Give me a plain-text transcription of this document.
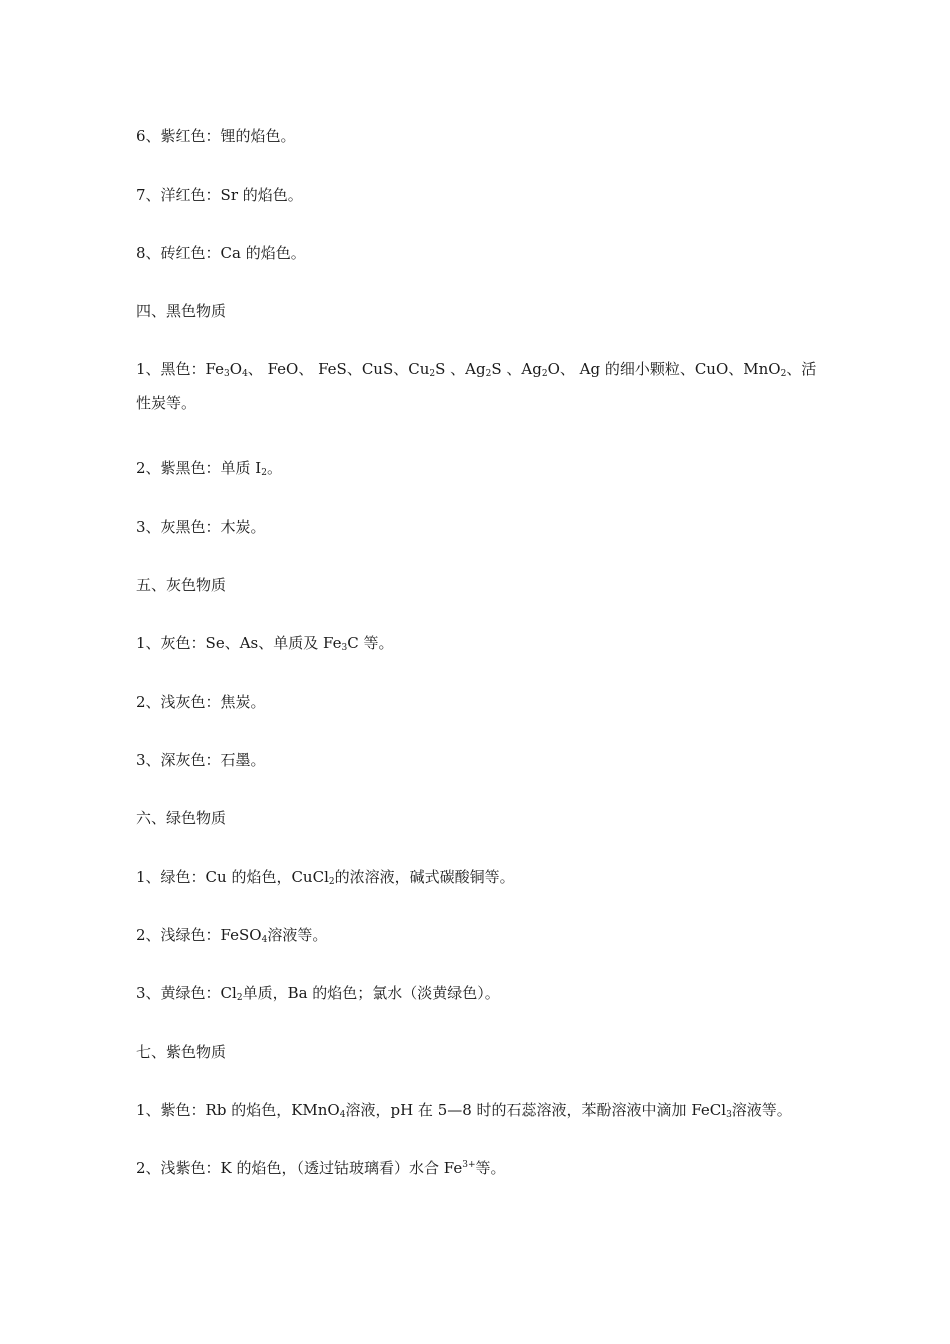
6、紫红色：锂的焰色。
7、洋红色：Sr 的焰色。
8、砖红色：Ca 的焰色。
四、黑色物质
1、黑色：$Fe_3O_4$、 FeO、 FeS、CuS、$Cu_2S$ 、$Ag_2S$ 、$Ag_2O$、 Ag 的细小颗粒、CuO、MnO$_2$、活性炭等。
2、紫黑色：单质 $I_2$。
3、灰黑色：木炭。
五、灰色物质
1、灰色：Se、As、单质及 $Fe_3C$ 等。
2、浅灰色：焦炭。
3、深灰色：石墨。
六、绿色物质
1、绿色：Cu 的焰色，CuCl$_2$的浓溶液，碱式碳酸铜等。
2、浅绿色：FeSO$_4$溶液等。
3、黄绿色：$Cl_2$单质，Ba 的焰色；氯水（淡黄绿色）。
七、紫色物质
1、紫色：Rb 的焰色，KMnO$_4$溶液，pH 在 5—8 时的石蕊溶液，苯酚溶液中滴加 FeCl$_3$溶液等。
2、浅紫色：K 的焰色，（透过钴玻璃看）水合 $Fe^{3+}$等。
